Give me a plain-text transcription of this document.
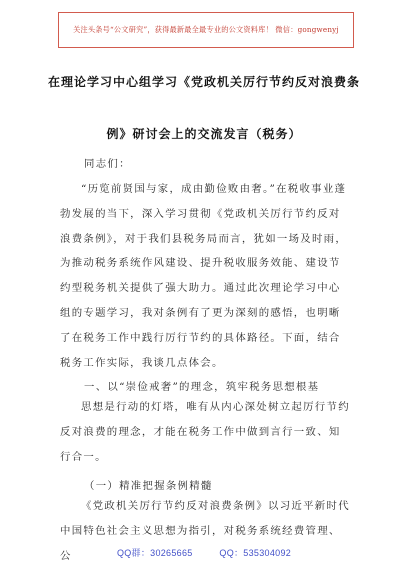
关注头条号“公文研究”，获得最新最全最专业的公文资料库！ 微信：gongwenyj
在理论学习中心组学习《党政机关厉行节约反对浪费条
例》研讨会上的交流发言（税务）
同志们：
“历览前贤国与家，成由勤俭败由奢。”在税收事业蓬勃发展的当下，深入学习贯彻《党政机关厉行节约反对浪费条例》，对于我们县税务局而言，犹如一场及时雨，为推动税务系统作风建设、提升税收服务效能、建设节约型税务机关提供了强大助力。通过此次理论学习中心组的专题学习，我对条例有了更为深刻的感悟，也明晰了在税务工作中践行厉行节约的具体路径。下面，结合税务工作实际，我谈几点体会。
一、以“崇俭戒奢”的理念，筑牢税务思想根基
思想是行动的灯塔，唯有从内心深处树立起厉行节约反对浪费的理念，才能在税务工作中做到言行一致、知行合一。
（一）精准把握条例精髓
《党政机关厉行节约反对浪费条例》以习近平新时代中国特色社会主义思想为指引，对税务系统经费管理、公	QQ群：30265665	QQ：535304092
